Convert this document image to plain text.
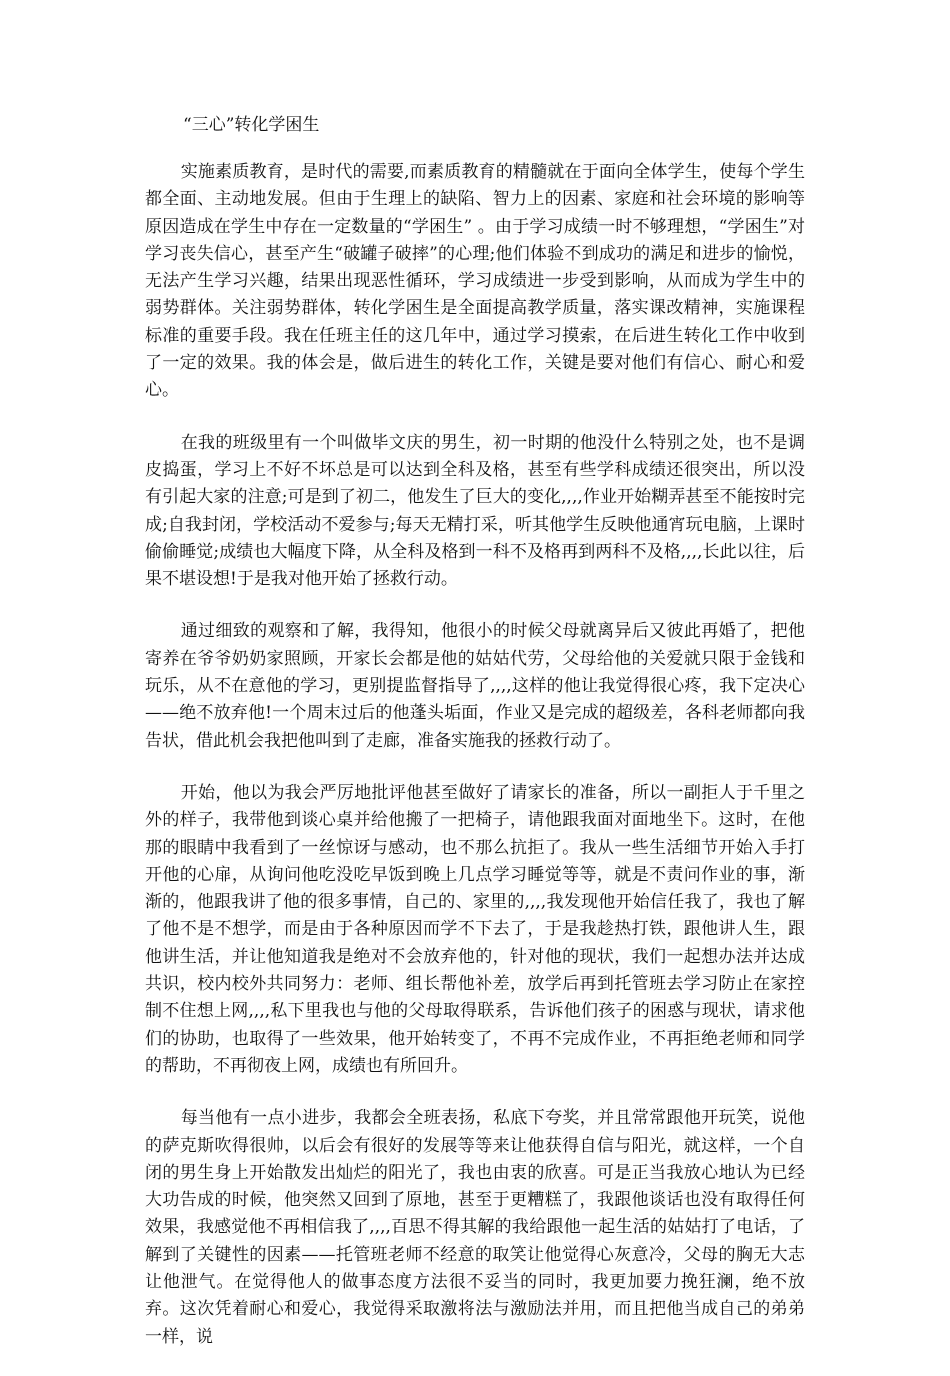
“三心”转化学困生

实施素质教育，是时代的需要,而素质教育的精髓就在于面向全体学生，使每个学生都全面、主动地发展。但由于生理上的缺陷、智力上的因素、家庭和社会环境的影响等原因造成在学生中存在一定数量的“学困生” 。由于学习成绩一时不够理想，“学困生”对学习丧失信心，甚至产生“破罐子破摔”的心理;他们体验不到成功的满足和进步的愉悦，无法产生学习兴趣，结果出现恶性循环，学习成绩进一步受到影响，从而成为学生中的弱势群体。关注弱势群体，转化学困生是全面提高教学质量，落实课改精神，实施课程标准的重要手段。我在任班主任的这几年中，通过学习摸索，在后进生转化工作中收到了一定的效果。我的体会是，做后进生的转化工作，关键是要对他们有信心、耐心和爱心。

在我的班级里有一个叫做毕文庆的男生，初一时期的他没什么特别之处，也不是调皮捣蛋，学习上不好不坏总是可以达到全科及格，甚至有些学科成绩还很突出，所以没有引起大家的注意;可是到了初二，他发生了巨大的变化,,,,作业开始糊弄甚至不能按时完成;自我封闭，学校活动不爱参与;每天无精打采，听其他学生反映他通宵玩电脑，上课时偷偷睡觉;成绩也大幅度下降，从全科及格到一科不及格再到两科不及格,,,,长此以往，后果不堪设想!于是我对他开始了拯救行动。

通过细致的观察和了解，我得知，他很小的时候父母就离异后又彼此再婚了，把他寄养在爷爷奶奶家照顾，开家长会都是他的姑姑代劳，父母给他的关爱就只限于金钱和玩乐，从不在意他的学习，更别提监督指导了,,,,这样的他让我觉得很心疼，我下定决心——绝不放弃他!一个周末过后的他蓬头垢面，作业又是完成的超级差，各科老师都向我告状，借此机会我把他叫到了走廊，准备实施我的拯救行动了。

开始，他以为我会严厉地批评他甚至做好了请家长的准备，所以一副拒人于千里之外的样子，我带他到谈心桌并给他搬了一把椅子，请他跟我面对面地坐下。这时，在他那的眼睛中我看到了一丝惊讶与感动，也不那么抗拒了。我从一些生活细节开始入手打开他的心扉，从询问他吃没吃早饭到晚上几点学习睡觉等等，就是不责问作业的事，渐渐的，他跟我讲了他的很多事情，自己的、家里的,,,,我发现他开始信任我了，我也了解了他不是不想学，而是由于各种原因而学不下去了，于是我趁热打铁，跟他讲人生，跟他讲生活，并让他知道我是绝对不会放弃他的，针对他的现状，我们一起想办法并达成共识，校内校外共同努力：老师、组长帮他补差，放学后再到托管班去学习防止在家控制不住想上网,,,,私下里我也与他的父母取得联系，告诉他们孩子的困惑与现状，请求他们的协助，也取得了一些效果，他开始转变了，不再不完成作业，不再拒绝老师和同学的帮助，不再彻夜上网，成绩也有所回升。

每当他有一点小进步，我都会全班表扬，私底下夸奖，并且常常跟他开玩笑，说他的萨克斯吹得很帅，以后会有很好的发展等等来让他获得自信与阳光，就这样，一个自闭的男生身上开始散发出灿烂的阳光了，我也由衷的欣喜。可是正当我放心地认为已经大功告成的时候，他突然又回到了原地，甚至于更糟糕了，我跟他谈话也没有取得任何效果，我感觉他不再相信我了,,,,百思不得其解的我给跟他一起生活的姑姑打了电话，了解到了关键性的因素——托管班老师不经意的取笑让他觉得心灰意冷，父母的胸无大志让他泄气。在觉得他人的做事态度方法很不妥当的同时，我更加要力挽狂澜，绝不放弃。这次凭着耐心和爱心，我觉得采取激将法与激励法并用，而且把他当成自己的弟弟一样，说
